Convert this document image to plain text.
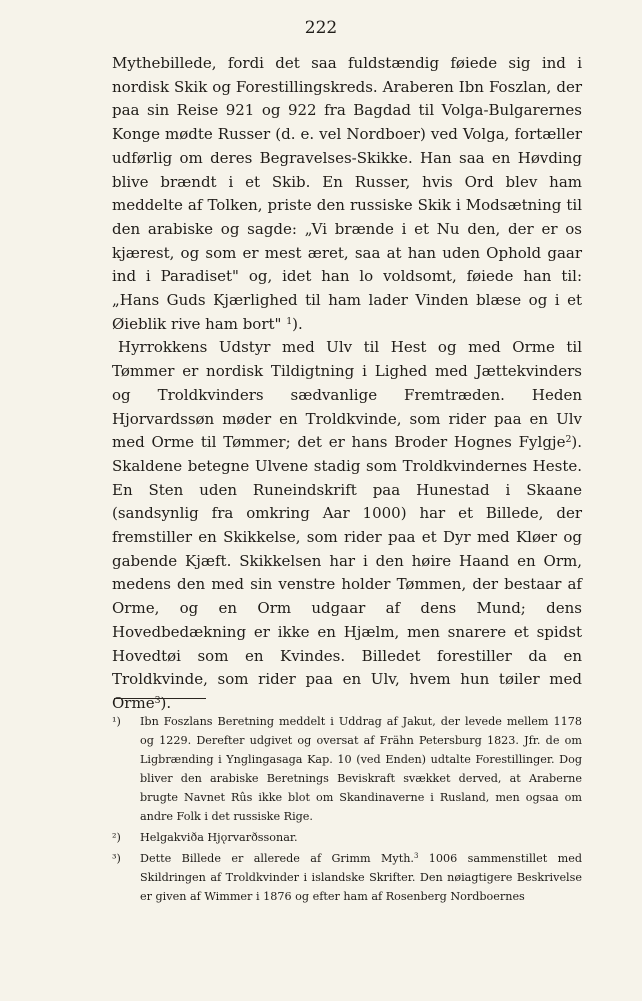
222

Mythebillede, fordi det saa fuldstændig føiede sig ind i nordisk Skik og Forestillingskreds. Araberen Ibn Foszlan, der paa sin Reise 921 og 922 fra Bagdad til Volga-Bulgarernes Konge mødte Russer (d. e. vel Nordboer) ved Volga, fortæller udførlig om deres Begravelses-Skikke. Han saa en Høvding blive brændt i et Skib. En Russer, hvis Ord blev ham meddelte af Tolken, priste den russiske Skik i Modsætning til den arabiske og sagde: „Vi brænde i et Nu den, der er os kjærest, og som er mest æret, saa at han uden Ophold gaar ind i Paradiset" og, idet han lo voldsomt, føiede han til: „Hans Guds Kjærlighed til ham lader Vinden blæse og i et Øieblik rive ham bort" $^1$).

Hyrrokkens Udstyr med Ulv til Hest og med Orme til Tømmer er nordisk Tildigtning i Lighed med Jættekvinders og Troldkvinders sædvanlige Fremtræden. Heden Hjorvardssøn møder en Troldkvinde, som rider paa en Ulv med Orme til Tømmer; det er hans Broder Hognes Fylgje$^2$). Skaldene betegne Ulvene stadig som Troldkvindernes Heste. En Sten uden Runeindskrift paa Hunestad i Skaane (sandsynlig fra omkring Aar 1000) har et Billede, der fremstiller en Skikkelse, som rider paa et Dyr med Kløer og gabende Kjæft. Skikkelsen har i den høire Haand en Orm, medens den med sin venstre holder Tømmen, der bestaar af Orme, og en Orm udgaar af dens Mund; dens Hovedbedækning er ikke en Hjælm, men snarere et spidst Hovedtøi som en Kvindes. Billedet forestiller da en Troldkvinde, som rider paa en Ulv, hvem hun tøiler med Orme$^3$).

¹) Ibn Foszlans Beretning meddelt i Uddrag af Jakut, der levede mellem 1178 og 1229. Derefter udgivet og oversat af Frähn Petersburg 1823. Jfr. de om Ligbrænding i Ynglingasaga Kap. 10 (ved Enden) udtalte Forestillinger. Dog bliver den arabiske Beretnings Beviskraft svækket derved, at Araberne brugte Navnet Rûs ikke blot om Skandinaverne i Rusland, men ogsaa om andre Folk i det russiske Rige.
²) Helgakviða Hjǫrvarðssonar.
³) Dette Billede er allerede af Grimm Myth.$^3$ 1006 sammenstillet med Skildringen af Troldkvinder i islandske Skrifter. Den nøiagtigere Beskrivelse er given af Wimmer i 1876 og efter ham af Rosenberg Nordboernes
